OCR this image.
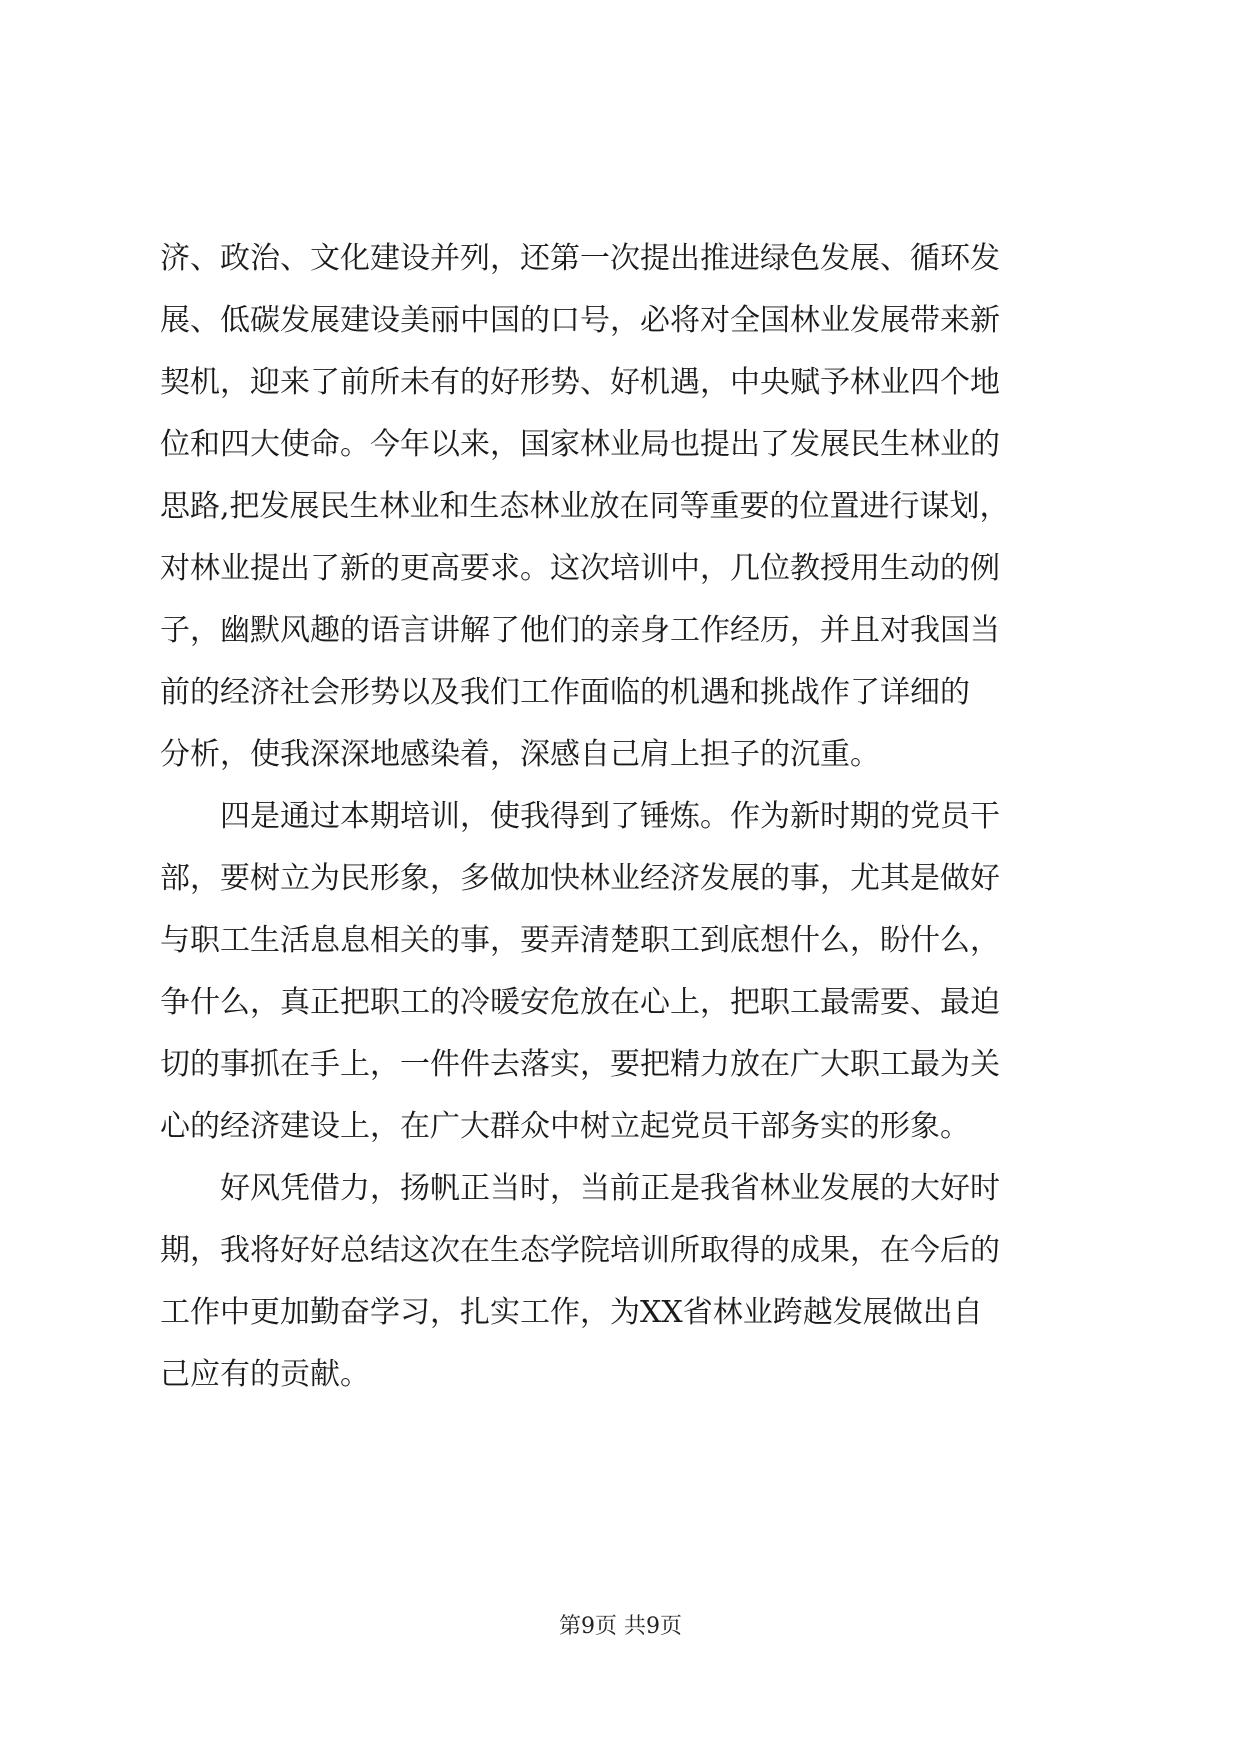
济、政治、文化建设并列，还第一次提出推进绿色发展、循环发
展、低碳发展建设美丽中国的口号，必将对全国林业发展带来新
契机，迎来了前所未有的好形势、好机遇，中央赋予林业四个地
位和四大使命。今年以来，国家林业局也提出了发展民生林业的
思路,把发展民生林业和生态林业放在同等重要的位置进行谋划，
对林业提出了新的更高要求。这次培训中，几位教授用生动的例
子，幽默风趣的语言讲解了他们的亲身工作经历，并且对我国当
前的经济社会形势以及我们工作面临的机遇和挑战作了详细的
分析，使我深深地感染着，深感自己肩上担子的沉重。
四是通过本期培训，使我得到了锤炼。作为新时期的党员干
部，要树立为民形象，多做加快林业经济发展的事，尤其是做好
与职工生活息息相关的事，要弄清楚职工到底想什么，盼什么，
争什么，真正把职工的冷暖安危放在心上，把职工最需要、最迫
切的事抓在手上，一件件去落实，要把精力放在广大职工最为关
心的经济建设上，在广大群众中树立起党员干部务实的形象。
好风凭借力，扬帆正当时，当前正是我省林业发展的大好时
期，我将好好总结这次在生态学院培训所取得的成果，在今后的
工作中更加勤奋学习，扎实工作，为XX省林业跨越发展做出自
己应有的贡献。
第9页 共9页
